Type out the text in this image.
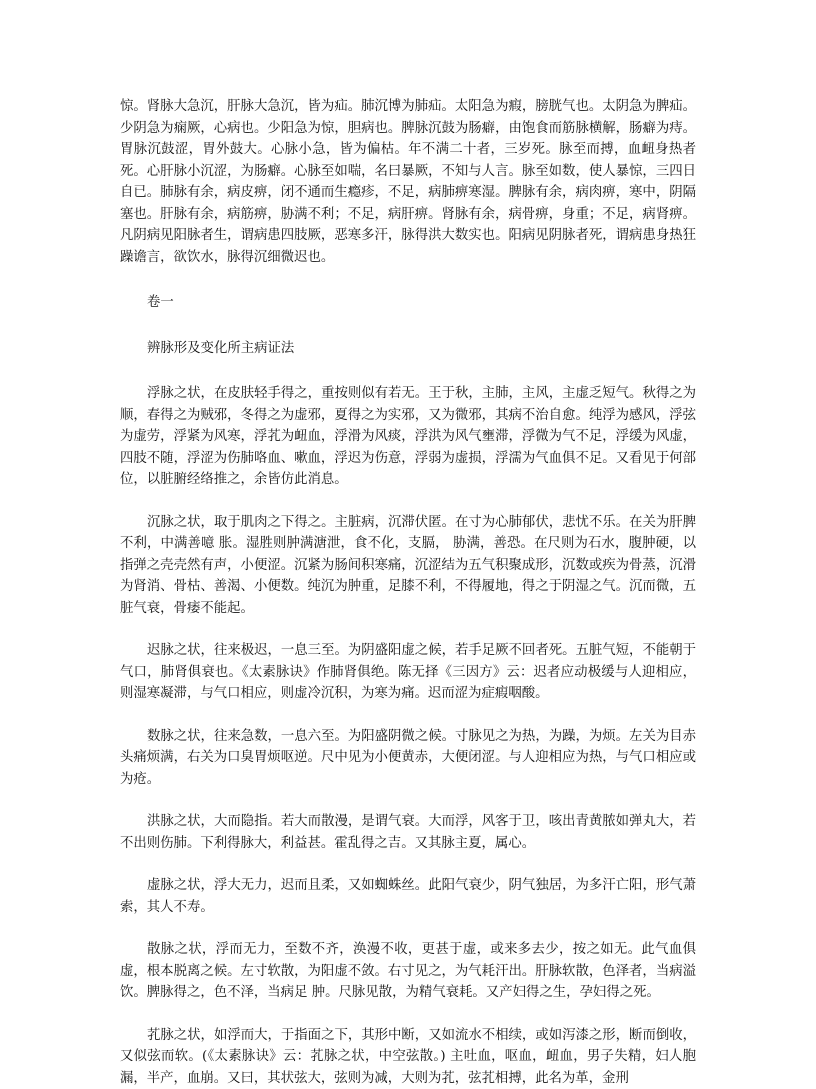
惊。肾脉大急沉，肝脉大急沉，皆为疝。肺沉博为肺疝。太阳急为瘕，膀胱气也。太阴急为脾疝。少阴急为痫厥，心病也。少阳急为惊，胆病也。脾脉沉鼓为肠癖，由饱食而筋脉横解，肠癖为痔。胃脉沉鼓涩，胃外鼓大。心脉小急，皆为偏枯。年不满二十者，三岁死。脉至而搏，血衄身热者死。心肝脉小沉涩，为肠癖。心脉至如喘，名曰暴厥，不知与人言。脉至如数，使人暴惊，三四日自已。肺脉有余，病皮痹，闭不通而生瘾疹，不足，病肺痹寒湿。脾脉有余，病肉痹，寒中，阴隔塞也。肝脉有余，病筋痹，胁满不利；不足，病肝痹。肾脉有余，病骨痹，身重；不足，病肾痹。凡阴病见阳脉者生，谓病患四肢厥，恶寒多汗，脉得洪大数实也。阳病见阴脉者死，谓病患身热狂躁谵言，欲饮水，脉得沉细微迟也。

卷一

辨脉形及变化所主病证法

浮脉之状，在皮肤轻手得之，重按则似有若无。王于秋，主肺，主风，主虚乏短气。秋得之为顺，春得之为贼邪，冬得之为虚邪，夏得之为实邪，又为微邪，其病不治自愈。纯浮为感风，浮弦为虚劳，浮紧为风寒，浮芤为衄血，浮滑为风痰，浮洪为风气壅滞，浮微为气不足，浮缓为风虚，四肢不随，浮涩为伤肺咯血、嗽血，浮迟为伤意，浮弱为虚损，浮濡为气血俱不足。又看见于何部位，以脏腑经络推之，余皆仿此消息。

沉脉之状，取于肌肉之下得之。主脏病，沉滞伏匿。在寸为心肺郁伏，悲忧不乐。在关为肝脾不利，中满善噫 胀。湿胜则肿满溏泄，食不化，支膈， 胁满，善恐。在尺则为石水，腹肿硬，以指弹之壳壳然有声，小便涩。沉紧为肠间积寒痛，沉涩结为五气积聚成形，沉数或疾为骨蒸，沉滑为肾消、骨枯、善渴、小便数。纯沉为肿重，足膝不利，不得履地，得之于阴湿之气。沉而微，五脏气衰，骨痿不能起。

迟脉之状，往来极迟，一息三至。为阴盛阳虚之候，若手足厥不回者死。五脏气短，不能朝于气口，肺肾俱衰也。《太素脉诀》作肺肾俱绝。陈无择《三因方》云：迟者应动极缓与人迎相应，则湿寒凝滞，与气口相应，则虚冷沉积，为寒为痛。迟而涩为症瘕咽酸。

数脉之状，往来急数，一息六至。为阳盛阴微之候。寸脉见之为热，为躁，为烦。左关为目赤头痛烦满，右关为口臭胃烦呕逆。尺中见为小便黄赤，大便闭涩。与人迎相应为热，与气口相应或为疮。

洪脉之状，大而隐指。若大而散漫，是谓气衰。大而浮，风客于卫，咳出青黄脓如弹丸大，若不出则伤肺。下利得脉大，利益甚。霍乱得之吉。又其脉主夏，属心。

虚脉之状，浮大无力，迟而且柔，又如蜘蛛丝。此阳气衰少，阴气独居，为多汗亡阳，形气萧索，其人不寿。

散脉之状，浮而无力，至数不齐，涣漫不收，更甚于虚，或来多去少，按之如无。此气血俱虚，根本脱离之候。左寸软散，为阳虚不敛。右寸见之，为气耗汗出。肝脉软散，色泽者，当病溢饮。脾脉得之，色不泽，当病足 肿。尺脉见散，为精气衰耗。又产妇得之生，孕妇得之死。

芤脉之状，如浮而大，于指面之下，其形中断，又如流水不相续，或如泻漆之形，断而倒收，又似弦而软。(《太素脉诀》云：芤脉之状，中空弦散。) 主吐血，呕血，衄血，男子失精，妇人胞漏，半产，血崩。又曰，其状弦大，弦则为减，大则为芤，弦芤相搏，此名为革，金刑
